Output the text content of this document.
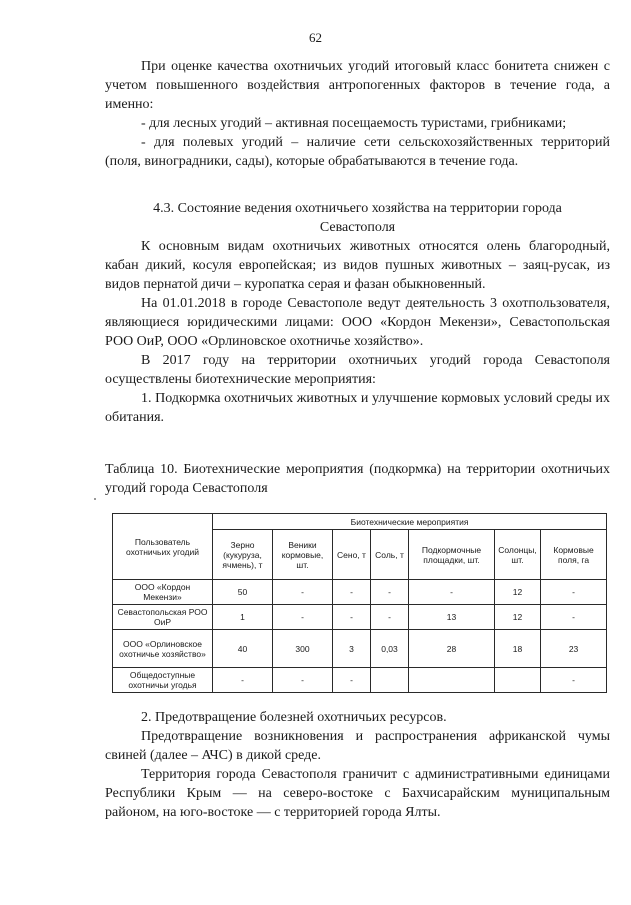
62

При оценке качества охотничьих угодий итоговый класс бонитета снижен с учетом повышенного воздействия антропогенных факторов в течение года, а именно:

- для лесных угодий – активная посещаемость туристами, грибниками;

- для полевых угодий – наличие сети сельскохозяйственных территорий (поля, виноградники, сады), которые обрабатываются в течение года.

4.3. Состояние ведения охотничьего хозяйства на территории города

Севастополя

К основным видам охотничьих животных относятся олень благородный, кабан дикий, косуля европейская; из видов пушных животных – заяц-русак, из видов пернатой дичи – куропатка серая и фазан обыкновенный.

На 01.01.2018 в городе Севастополе ведут деятельность 3 охотпользователя, являющиеся юридическими лицами: ООО «Кордон Мекензи», Севастопольская РОО ОиР, ООО «Орлиновское охотничье хозяйство».

В 2017 году на территории охотничьих угодий города Севастополя осуществлены биотехнические мероприятия:

1. Подкормка охотничьих животных и улучшение кормовых условий среды их обитания.

Таблица 10. Биотехнические мероприятия (подкормка) на территории охотничьих угодий города Севастополя
Пользователь охотничьих угодий	Биотехнические мероприятия						
	Зерно (кукуруза, ячмень), т	Веники кормовые, шт.	Сено, т	Соль, т	Подкормочные площадки, шт.	Солонцы, шт.	Кормовые поля, га
ООО «Кордон Мекензи»	50	-	-	-	-	12	-
Севастопольская РОО ОиР	1	-	-	-	13	12	-
ООО «Орлиновское охотничье хозяйство»	40	300	3	0,03	28	18	23
Общедоступные охотничьи угодья	-	-	-				-

2. Предотвращение болезней охотничьих ресурсов.

Предотвращение возникновения и распространения африканской чумы свиней (далее – АЧС) в дикой среде.

Территория города Севастополя граничит с административными единицами Республики Крым — на северо-востоке с Бахчисарайским муниципальным районом, на юго-востоке — с территорией города Ялты.
